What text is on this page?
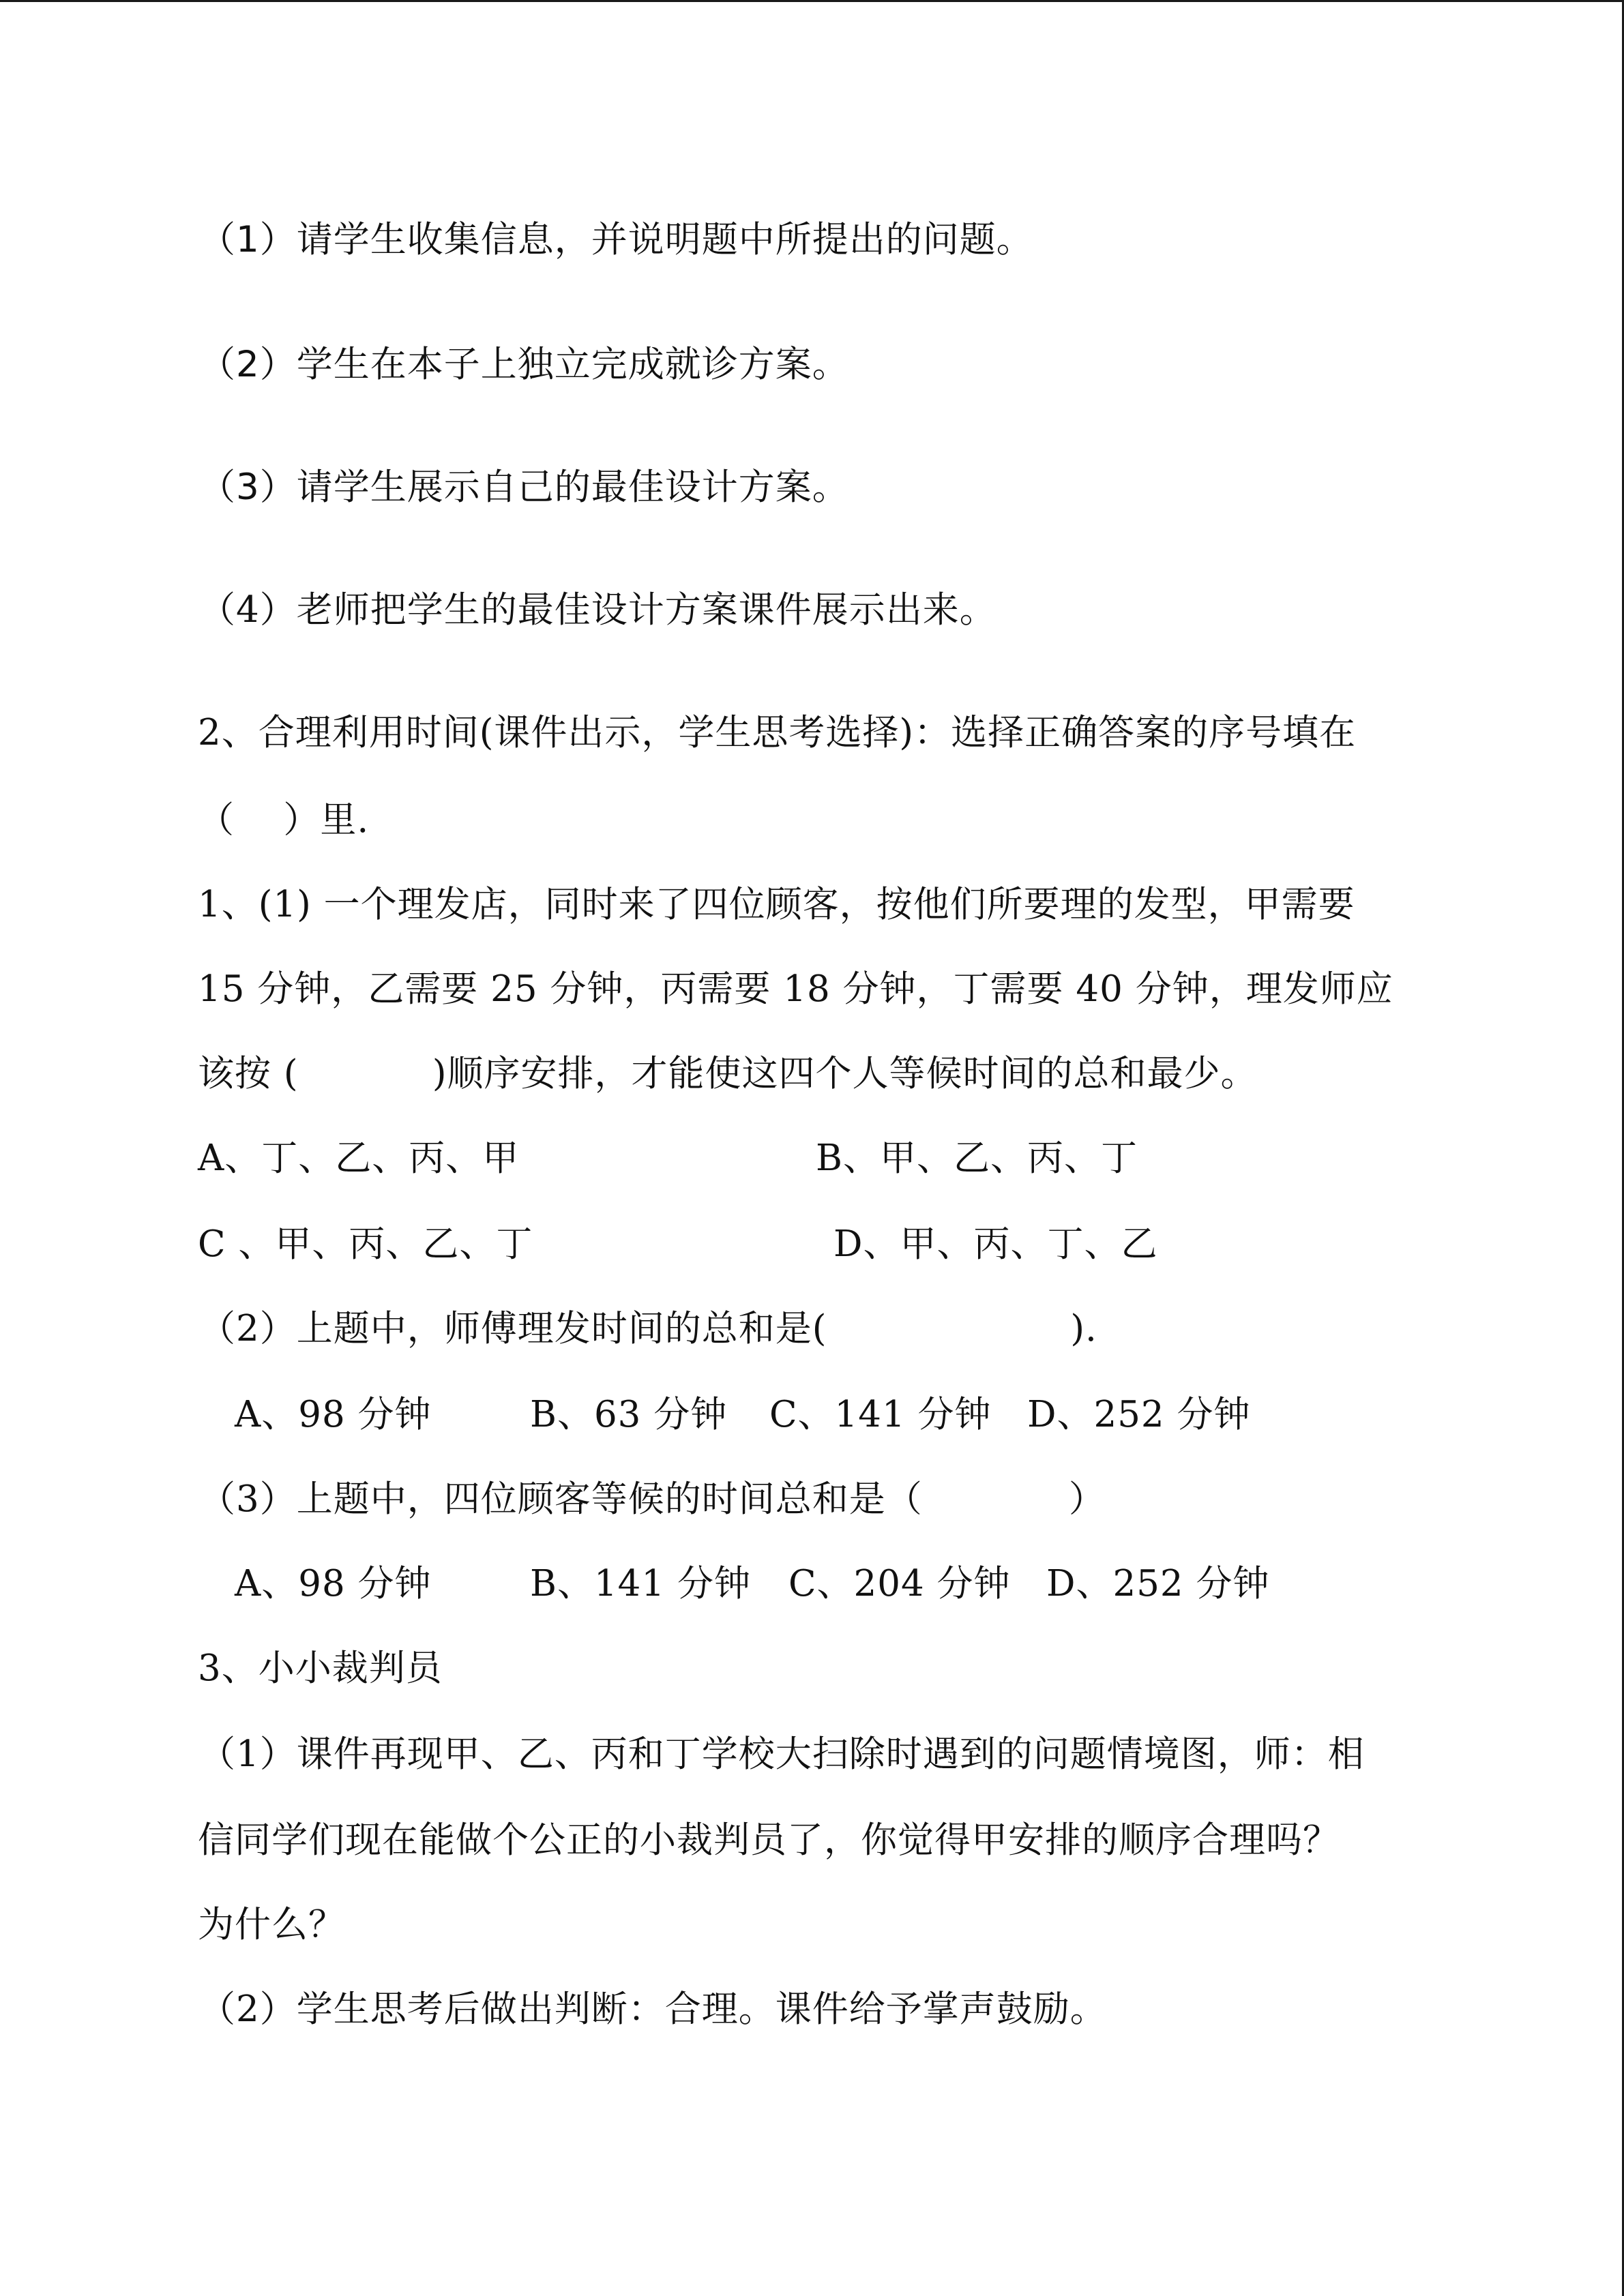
（1）请学生收集信息，并说明题中所提出的问题。
（2）学生在本子上独立完成就诊方案。
（3）请学生展示自己的最佳设计方案。
（4）老师把学生的最佳设计方案课件展示出来。
2、合理利用时间(课件出示，学生思考选择)：选择正确答案的序号填在
（    ）里.
1、(1) 一个理发店，同时来了四位顾客，按他们所要理的发型，甲需要
15 分钟，乙需要 25 分钟，丙需要 18 分钟，丁需要 40 分钟，理发师应
该按 (           )顺序安排，才能使这四个人等候时间的总和最少。
A、丁、乙、丙、甲	B、甲、乙、丙、丁
C 、甲、丙、乙、丁	D、甲、丙、丁、乙
（2）上题中，师傅理发时间的总和是(                    ).
A、98 分钟	B、63 分钟 C、141 分钟 D、252 分钟
（3）上题中，四位顾客等候的时间总和是（            ）
A、98 分钟	B、141 分钟 C、204 分钟 D、252 分钟
3、小小裁判员
（1）课件再现甲、乙、丙和丁学校大扫除时遇到的问题情境图，师：相
信同学们现在能做个公正的小裁判员了，你觉得甲安排的顺序合理吗？
为什么？
（2）学生思考后做出判断：合理。课件给予掌声鼓励。
